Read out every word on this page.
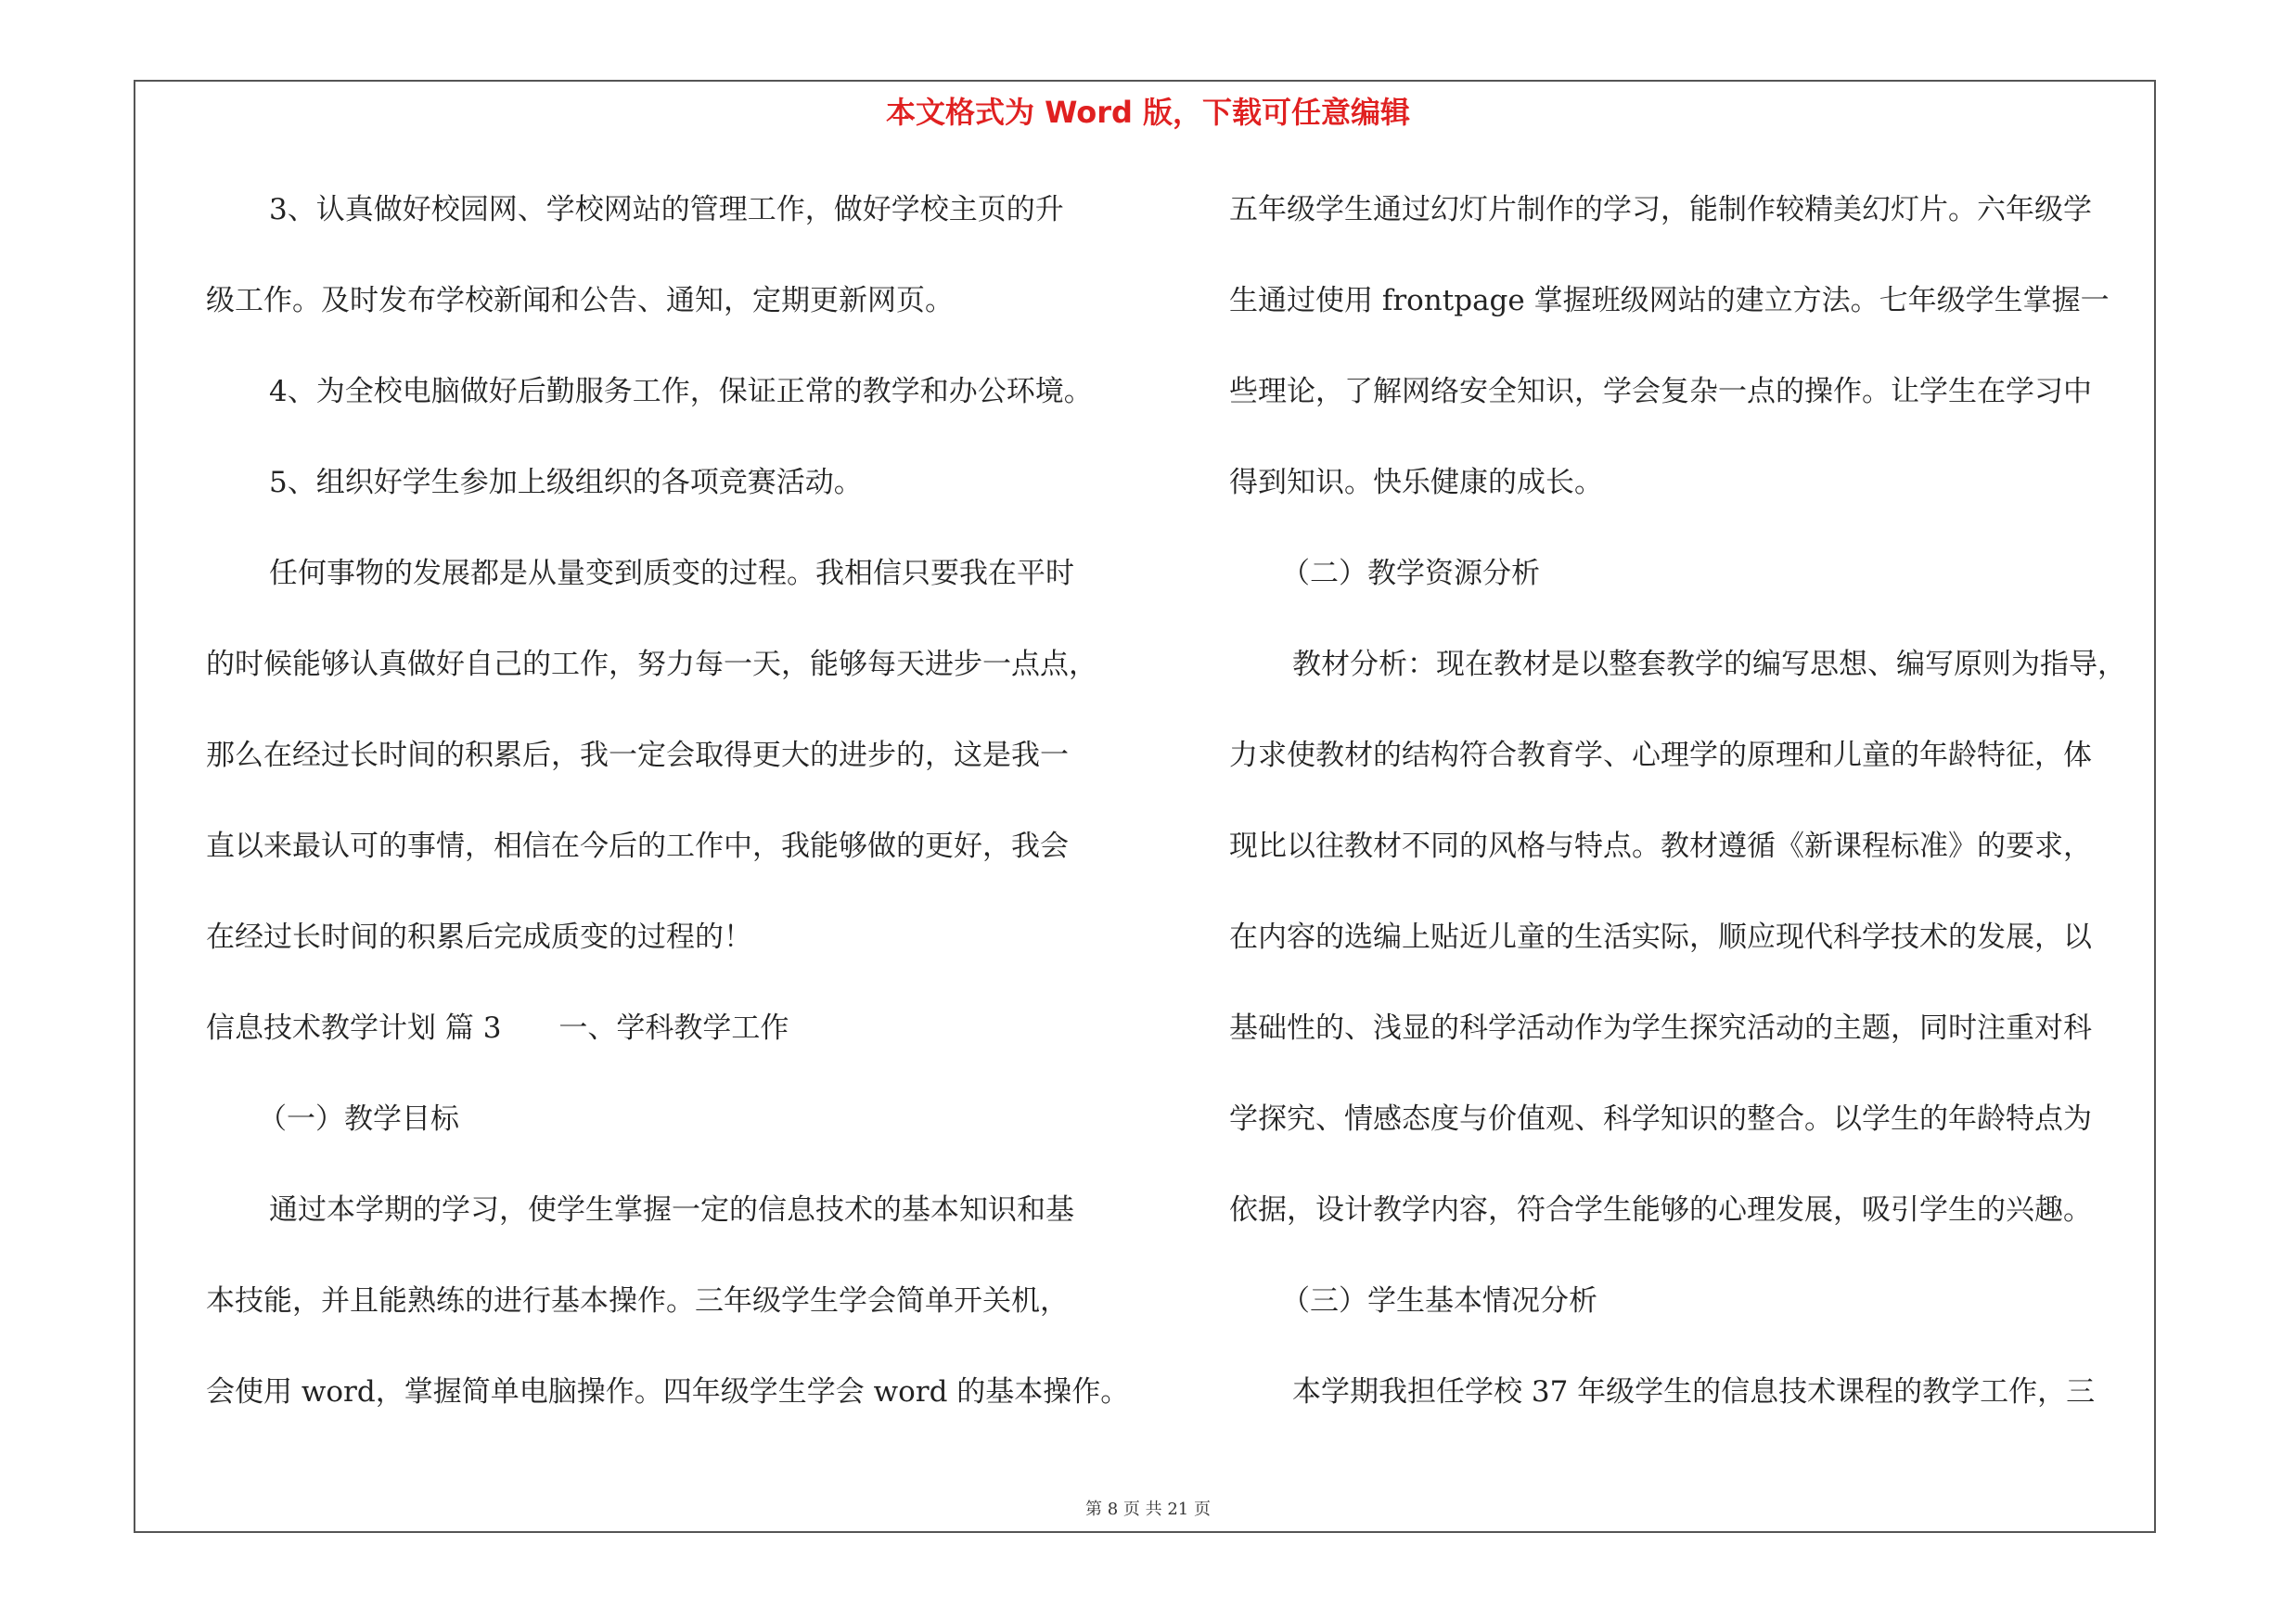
本文格式为 Word 版，下载可任意编辑
3、认真做好校园网、学校网站的管理工作，做好学校主页的升
级工作。及时发布学校新闻和公告、通知，定期更新网页。
4、为全校电脑做好后勤服务工作，保证正常的教学和办公环境。
5、组织好学生参加上级组织的各项竞赛活动。
任何事物的发展都是从量变到质变的过程。我相信只要我在平时
的时候能够认真做好自己的工作，努力每一天，能够每天进步一点点，
那么在经过长时间的积累后，我一定会取得更大的进步的，这是我一
直以来最认可的事情，相信在今后的工作中，我能够做的更好，我会
在经过长时间的积累后完成质变的过程的！
信息技术教学计划 篇 3　　一、学科教学工作
（一）教学目标
通过本学期的学习，使学生掌握一定的信息技术的基本知识和基
本技能，并且能熟练的进行基本操作。三年级学生学会简单开关机，
会使用 word，掌握简单电脑操作。四年级学生学会 word 的基本操作。
五年级学生通过幻灯片制作的学习，能制作较精美幻灯片。六年级学
生通过使用 frontpage 掌握班级网站的建立方法。七年级学生掌握一
些理论，了解网络安全知识，学会复杂一点的操作。让学生在学习中
得到知识。快乐健康的成长。
（二）教学资源分析
教材分析：现在教材是以整套教学的编写思想、编写原则为指导，
力求使教材的结构符合教育学、心理学的原理和儿童的年龄特征，体
现比以往教材不同的风格与特点。教材遵循《新课程标准》的要求，
在内容的选编上贴近儿童的生活实际，顺应现代科学技术的发展，以
基础性的、浅显的科学活动作为学生探究活动的主题，同时注重对科
学探究、情感态度与价值观、科学知识的整合。以学生的年龄特点为
依据，设计教学内容，符合学生能够的心理发展，吸引学生的兴趣。
（三）学生基本情况分析
本学期我担任学校 37 年级学生的信息技术课程的教学工作，三
第 8 页 共 21 页
